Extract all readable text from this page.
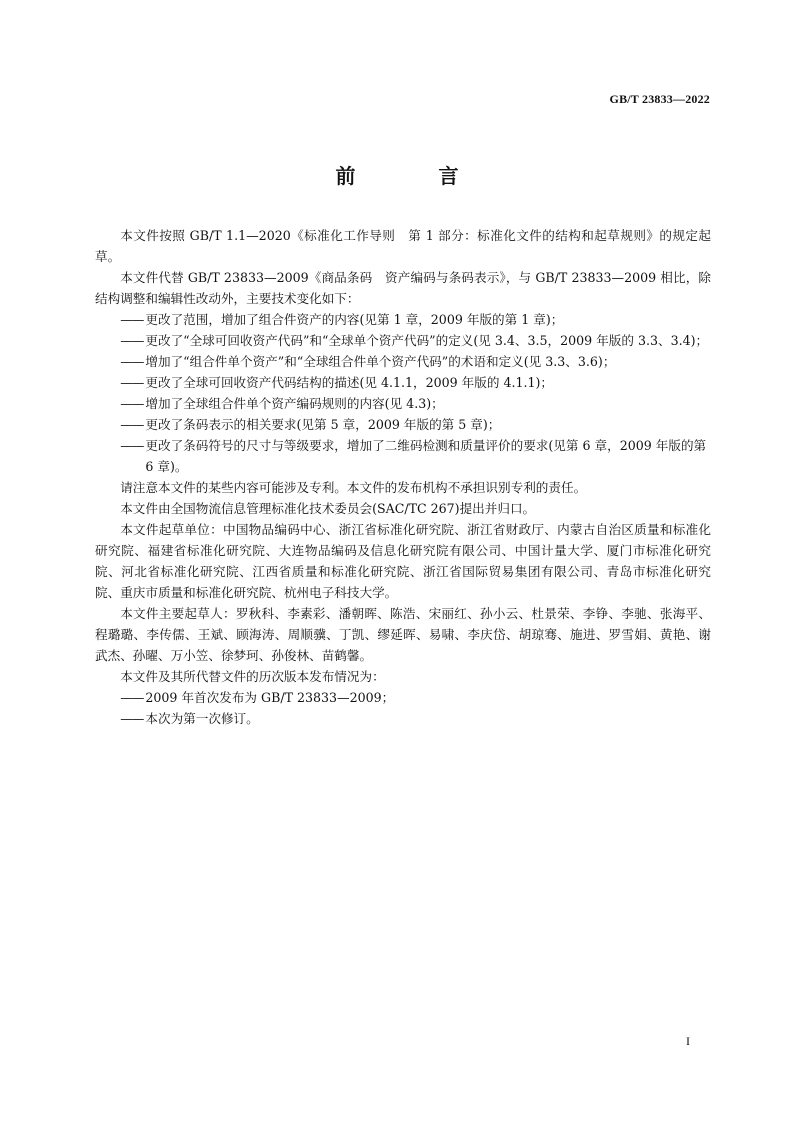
GB/T 23833—2022
前 言

本文件按照 GB/T 1.1—2020《标准化工作导则　第 1 部分：标准化文件的结构和起草规则》的规定起草。

本文件代替 GB/T 23833—2009《商品条码　资产编码与条码表示》，与 GB/T 23833—2009 相比，除结构调整和编辑性改动外，主要技术变化如下：

—— 更改了范围，增加了组合件资产的内容(见第 1 章，2009 年版的第 1 章)；

—— 更改了“全球可回收资产代码”和“全球单个资产代码”的定义(见 3.4、3.5，2009 年版的 3.3、3.4)；

—— 增加了“组合件单个资产”和“全球组合件单个资产代码”的术语和定义(见 3.3、3.6)；

—— 更改了全球可回收资产代码结构的描述(见 4.1.1，2009 年版的 4.1.1)；

—— 增加了全球组合件单个资产编码规则的内容(见 4.3)；

—— 更改了条码表示的相关要求(见第 5 章，2009 年版的第 5 章)；

—— 更改了条码符号的尺寸与等级要求，增加了二维码检测和质量评价的要求(见第 6 章，2009 年版的第 6 章)。

请注意本文件的某些内容可能涉及专利。本文件的发布机构不承担识别专利的责任。

本文件由全国物流信息管理标准化技术委员会(SAC/TC 267)提出并归口。

本文件起草单位：中国物品编码中心、浙江省标准化研究院、浙江省财政厅、内蒙古自治区质量和标准化研究院、福建省标准化研究院、大连物品编码及信息化研究院有限公司、中国计量大学、厦门市标准化研究院、河北省标准化研究院、江西省质量和标准化研究院、浙江省国际贸易集团有限公司、青岛市标准化研究院、重庆市质量和标准化研究院、杭州电子科技大学。

本文件主要起草人：罗秋科、李素彩、潘朝晖、陈浩、宋丽红、孙小云、杜景荣、李铮、李驰、张海平、程璐璐、李传儒、王斌、顾海涛、周顺骥、丁凯、缪延晖、易啸、李庆岱、胡琼骞、施进、罗雪娟、黄艳、谢武杰、孙曜、万小笠、徐梦珂、孙俊林、苗鹤馨。

本文件及其所代替文件的历次版本发布情况为：

—— 2009 年首次发布为 GB/T 23833—2009；

—— 本次为第一次修订。

I
